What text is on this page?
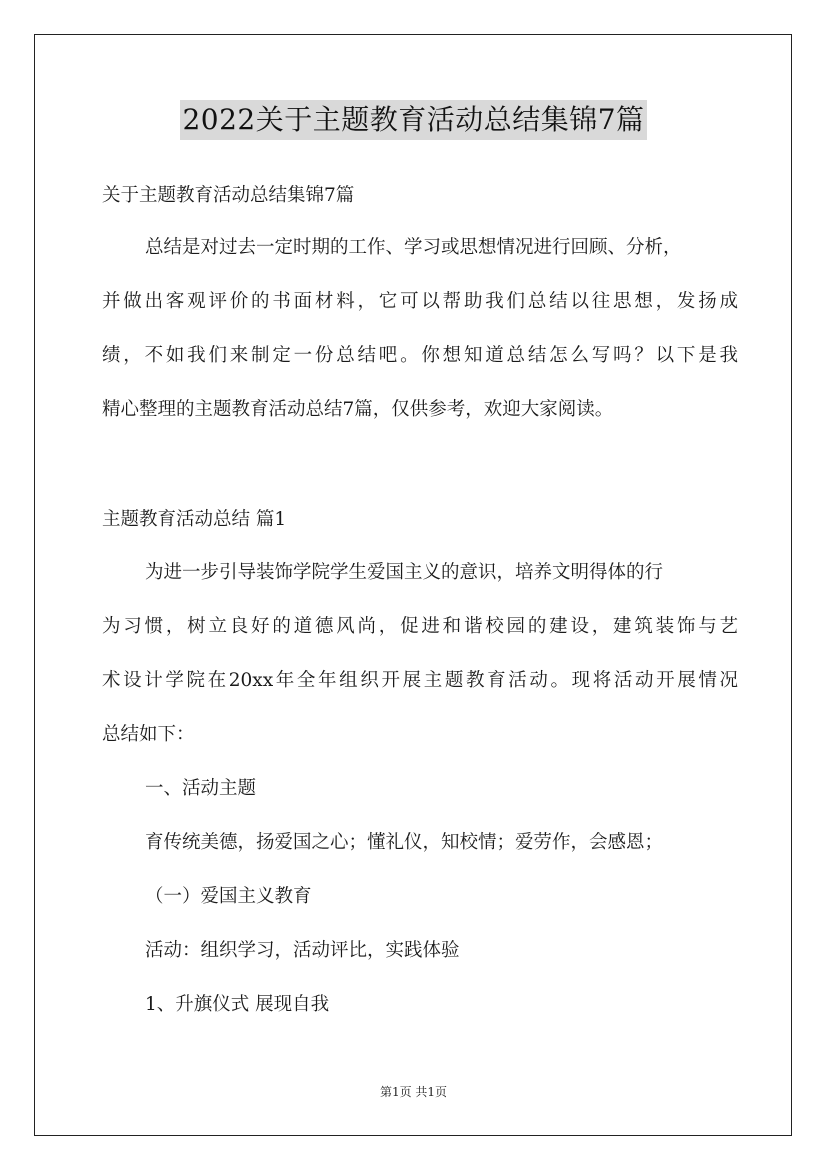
2022关于主题教育活动总结集锦7篇
关于主题教育活动总结集锦7篇
总结是对过去一定时期的工作、学习或思想情况进行回顾、分析，
并做出客观评价的书面材料，它可以帮助我们总结以往思想，发扬成
绩，不如我们来制定一份总结吧。你想知道总结怎么写吗？以下是我
精心整理的主题教育活动总结7篇，仅供参考，欢迎大家阅读。
主题教育活动总结 篇1
为进一步引导装饰学院学生爱国主义的意识，培养文明得体的行
为习惯，树立良好的道德风尚，促进和谐校园的建设，建筑装饰与艺
术设计学院在20xx年全年组织开展主题教育活动。现将活动开展情况
总结如下：
一、活动主题
育传统美德，扬爱国之心；懂礼仪，知校情；爱劳作，会感恩；
（一）爱国主义教育
活动：组织学习，活动评比，实践体验
1、升旗仪式 展现自我
第1页 共1页
